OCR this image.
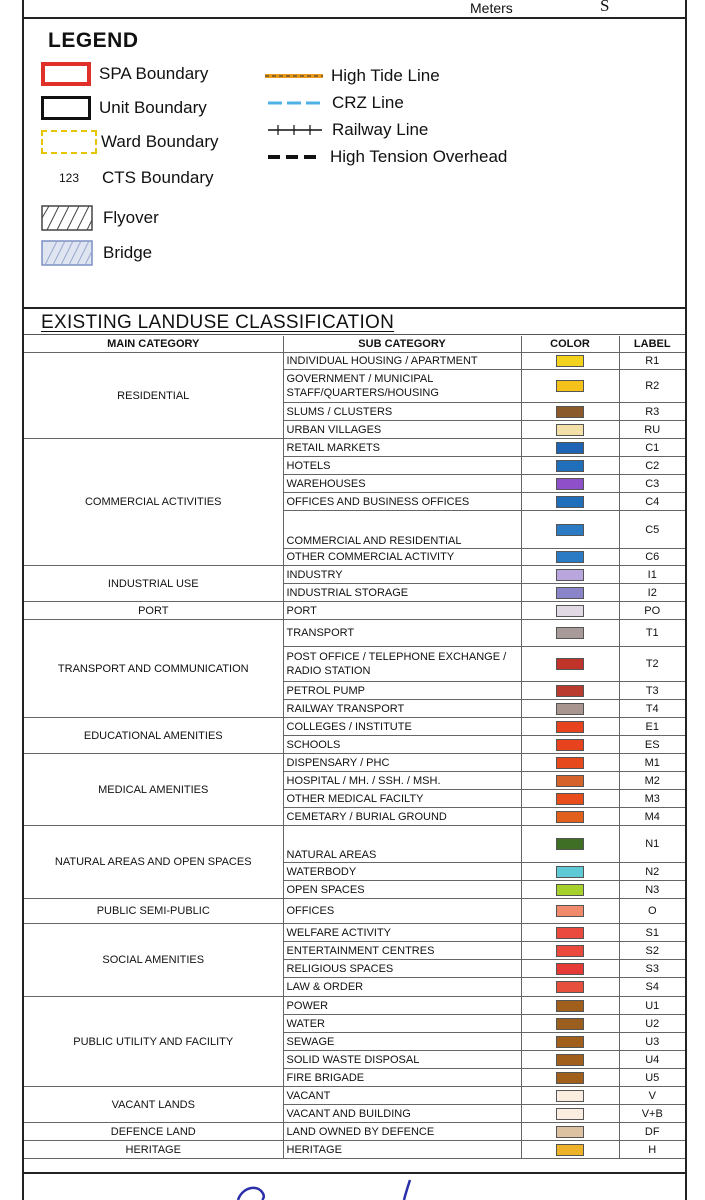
Meters	S
LEGEND
SPA Boundary
Unit Boundary
Ward Boundary
123	CTS Boundary
Flyover
Bridge
High Tide Line
CRZ Line
Railway Line
High Tension Overhead
EXISTING LANDUSE CLASSIFICATION
MAIN CATEGORY	SUB CATEGORY	COLOR	LABEL
RESIDENTIAL	INDIVIDUAL HOUSING / APARTMENT		R1
	GOVERNMENT / MUNICIPAL STAFF/QUARTERS/HOUSING		R2
	SLUMS / CLUSTERS		R3
	URBAN VILLAGES		RU
COMMERCIAL ACTIVITIES	RETAIL MARKETS		C1
	HOTELS		C2
	WAREHOUSES		C3
	OFFICES AND BUSINESS OFFICES		C4
	COMMERCIAL AND RESIDENTIAL		C5
	OTHER COMMERCIAL ACTIVITY		C6
INDUSTRIAL USE	INDUSTRY		I1
	INDUSTRIAL STORAGE		I2
PORT	PORT		PO
TRANSPORT AND COMMUNICATION	TRANSPORT		T1
	POST OFFICE / TELEPHONE EXCHANGE / RADIO STATION		T2
	PETROL PUMP		T3
	RAILWAY TRANSPORT		T4
EDUCATIONAL AMENITIES	COLLEGES / INSTITUTE		E1
	SCHOOLS		ES
MEDICAL AMENITIES	DISPENSARY / PHC		M1
	HOSPITAL / MH. / SSH. / MSH.		M2
	OTHER MEDICAL FACILTY		M3
	CEMETARY / BURIAL GROUND		M4
NATURAL AREAS AND OPEN SPACES	NATURAL AREAS		N1
	WATERBODY		N2
	OPEN SPACES		N3
PUBLIC SEMI-PUBLIC	OFFICES		O
SOCIAL AMENITIES	WELFARE ACTIVITY		S1
	ENTERTAINMENT CENTRES		S2
	RELIGIOUS SPACES		S3
	LAW & ORDER		S4
PUBLIC UTILITY AND FACILITY	POWER		U1
	WATER		U2
	SEWAGE		U3
	SOLID WASTE DISPOSAL		U4
	FIRE BRIGADE		U5
VACANT LANDS	VACANT		V
	VACANT AND BUILDING		V+B
DEFENCE LAND	LAND OWNED BY DEFENCE		DF
HERITAGE	HERITAGE		H
